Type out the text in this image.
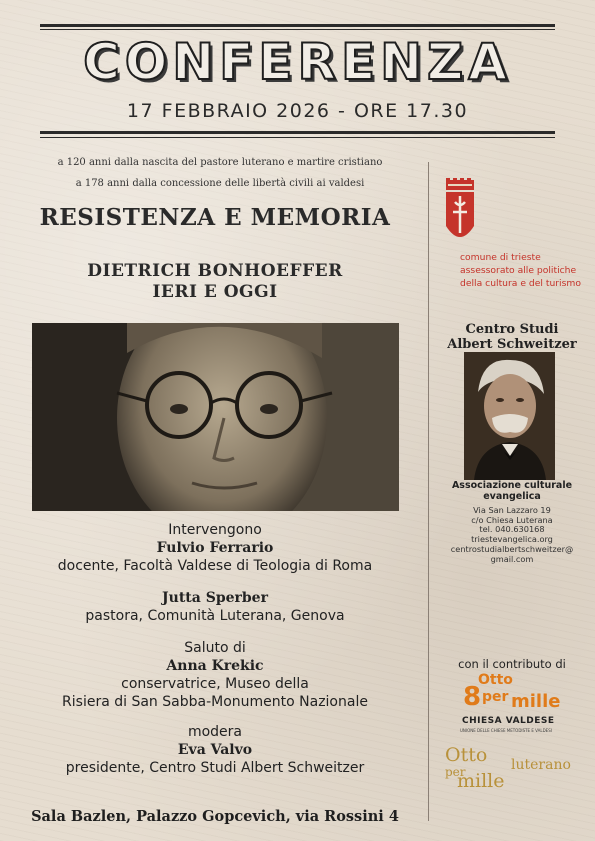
CONFERENZA
17 FEBBRAIO 2026 - ORE 17.30
a 120 anni dalla nascita del pastore luterano e martire cristiano
a 178 anni dalla concessione delle libertà civili ai valdesi
RESISTENZA E MEMORIA
DIETRICH BONHOEFFER
IERI E OGGI
Intervengono
Fulvio Ferrario
docente, Facoltà Valdese di Teologia di Roma
Jutta Sperber
pastora, Comunità Luterana, Genova
Saluto di
Anna Krekic
conservatrice, Museo della
Risiera di San Sabba-Monumento Nazionale
modera
Eva Valvo
presidente, Centro Studi Albert Schweitzer
Sala Bazlen, Palazzo Gopcevich, via Rossini 4
comune di trieste
assessorato alle politiche
della cultura e del turismo
Centro Studi
Albert Schweitzer
Associazione culturale
evangelica
Via San Lazzaro 19
c/o Chiesa Luterana
tel. 040.630168
triestevangelica.org
centrostudialbertschweitzer@
gmail.com
con il contributo di
Otto
8 per mille
CHIESA VALDESE
UNIONE DELLE CHIESE METODISTE E VALDESI
Otto luterano
per
mille
